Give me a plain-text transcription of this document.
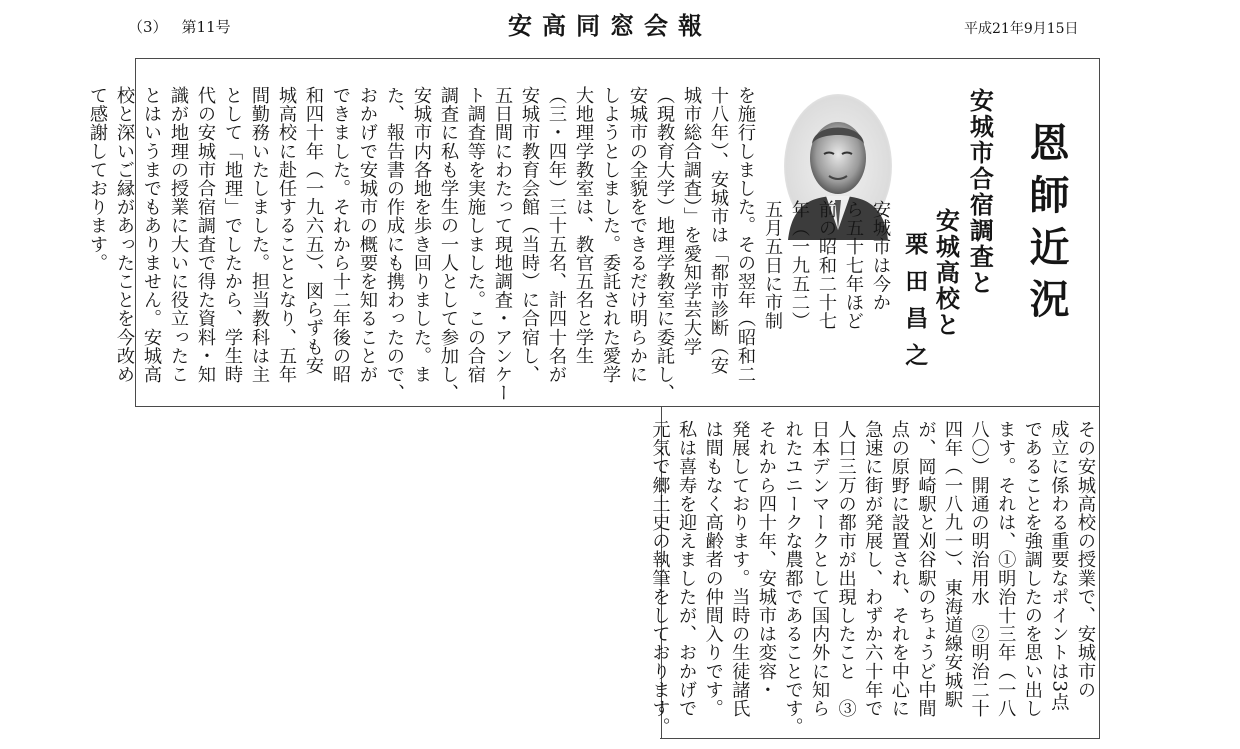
（3） 第11号	安高同窓会報	平成21年9月15日
恩師近況
安城市合宿調査と
安城高校と
栗田昌之
安城市は今か
ら五十七年ほど
前の昭和二十七
年（一九五二）
五月五日に市制
を施行しました。その翌年（昭和二
十八年）、安城市は「都市診断（安
城市総合調査）」を愛知学芸大学
（現教育大学）地理学教室に委託し、
安城市の全貌をできるだけ明らかに
しようとしました。委託された愛学
大地理学教室は、教官五名と学生
（三・四年）三十五名、計四十名が
安城市教育会館（当時）に合宿し、
五日間にわたって現地調査・アンケー
ト調査等を実施しました。この合宿
調査に私も学生の一人として参加し、
安城市内各地を歩き回りました。ま
た、報告書の作成にも携わったので、
おかげで安城市の概要を知ることが
できました。それから十二年後の昭
和四十年（一九六五）、図らずも安
城高校に赴任することとなり、五年
間勤務いたしました。担当教科は主
として「地理」でしたから、学生時
代の安城市合宿調査で得た資料・知
識が地理の授業に大いに役立ったこ
とはいうまでもありません。安城高
校と深いご縁があったことを今改め
て感謝しております。
その安城高校の授業で、安城市の
成立に係わる重要なポイントは3点
であることを強調したのを思い出し
ます。それは、①明治十三年（一八
八〇）開通の明治用水　②明治二十
四年（一八九一）、東海道線安城駅
が、岡崎駅と刈谷駅のちょうど中間
点の原野に設置され、それを中心に
急速に街が発展し、わずか六十年で
人口三万の都市が出現したこと　③
日本デンマークとして国内外に知ら
れたユニークな農都であることです。
それから四十年、安城市は変容・
発展しております。当時の生徒諸氏
は間もなく高齢者の仲間入りです。
私は喜寿を迎えましたが、おかげで
元気で郷土史の執筆をしております。
